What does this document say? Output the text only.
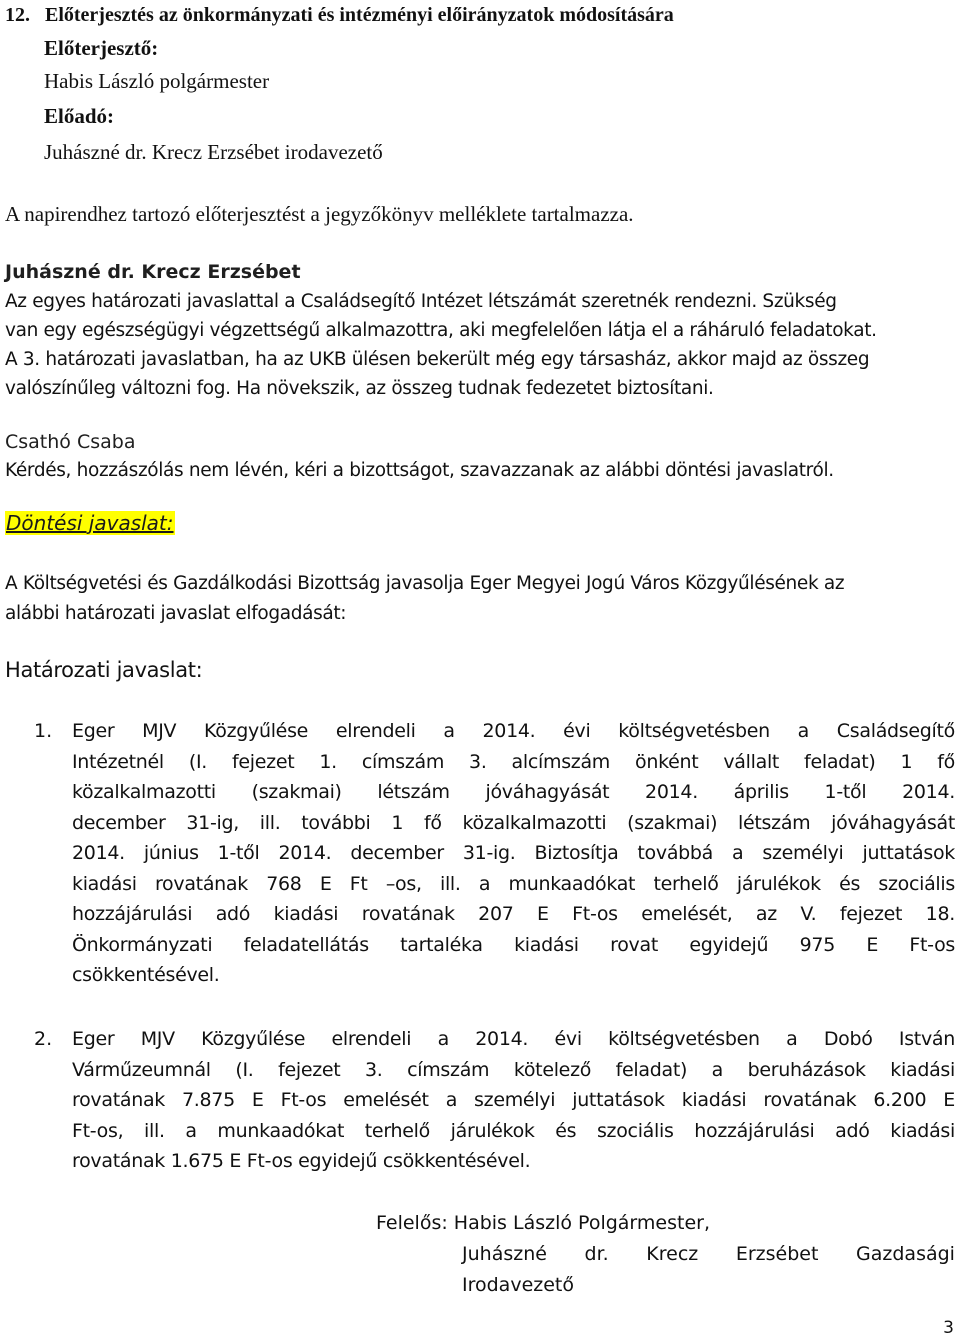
12. Előterjesztés az önkormányzati és intézményi előirányzatok módosítására
Előterjesztő:
Habis László polgármester
Előadó:
Juhászné dr. Krecz Erzsébet irodavezető
A napirendhez tartozó előterjesztést a jegyzőkönyv melléklete tartalmazza.
Juhászné dr. Krecz Erzsébet
Az egyes határozati javaslattal a Családsegítő Intézet létszámát szeretnék rendezni. Szükség
van egy egészségügyi végzettségű alkalmazottra, aki megfelelően látja el a ráháruló feladatokat.
A 3. határozati javaslatban, ha az UKB ülésen bekerült még egy társasház, akkor majd az összeg
valószínűleg változni fog. Ha növekszik, az összeg tudnak fedezetet biztosítani.
Csathó Csaba
Kérdés, hozzászólás nem lévén, kéri a bizottságot, szavazzanak az alábbi döntési javaslatról.
Döntési javaslat:
A Költségvetési és Gazdálkodási Bizottság javasolja Eger Megyei Jogú Város Közgyűlésének az
alábbi határozati javaslat elfogadását:
Határozati javaslat:
1. Eger MJV Közgyűlése elrendeli a 2014. évi költségvetésben a Családsegítő
Intézetnél (I. fejezet 1. címszám 3. alcímszám önként vállalt feladat) 1 fő
közalkalmazotti (szakmai) létszám jóváhagyását 2014. április 1-től 2014.
december 31-ig, ill. további 1 fő közalkalmazotti (szakmai) létszám jóváhagyását
2014. június 1-től 2014. december 31-ig. Biztosítja továbbá a személyi juttatások
kiadási rovatának 768 E Ft –os, ill. a munkaadókat terhelő járulékok és szociális
hozzájárulási adó kiadási rovatának 207 E Ft-os emelését, az V. fejezet 18.
Önkormányzati feladatellátás tartaléka kiadási rovat egyidejű 975 E Ft-os
csökkentésével.
2. Eger MJV Közgyűlése elrendeli a 2014. évi költségvetésben a Dobó István
Várműzeumnál (I. fejezet 3. címszám kötelező feladat) a beruházások kiadási
rovatának 7.875 E Ft-os emelését a személyi juttatások kiadási rovatának 6.200 E
Ft-os, ill. a munkaadókat terhelő járulékok és szociális hozzájárulási adó kiadási
rovatának 1.675 E Ft-os egyidejű csökkentésével.
Felelős: Habis László Polgármester,
Juhászné dr. Krecz Erzsébet Gazdasági
Irodavezető
3
